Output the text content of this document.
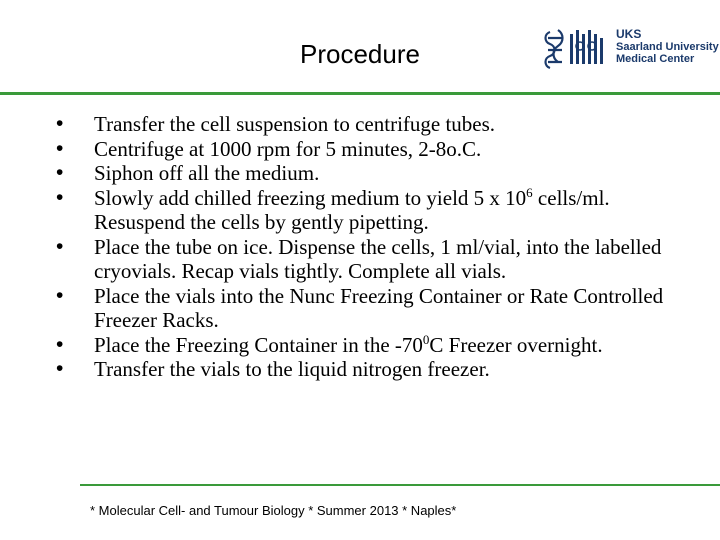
Procedure
UKS
Saarland University
Medical Center
• Transfer the cell suspension to centrifuge tubes.
• Centrifuge at 1000 rpm for 5 minutes, 2-8o.C.
• Siphon off all the medium.
• Slowly add chilled freezing medium to yield 5 x $10^6$ cells/ml. Resuspend the cells by gently pipetting.
• Place the tube on ice. Dispense the cells, 1 ml/vial, into the labelled cryovials. Recap vials tightly. Complete all vials.
• Place the vials into the Nunc Freezing Container or Rate Controlled Freezer Racks.
• Place the Freezing Container in the $-70^0C$ Freezer overnight.
• Transfer the vials to the liquid nitrogen freezer.
* Molecular Cell- and Tumour Biology * Summer 2013 * Naples*
